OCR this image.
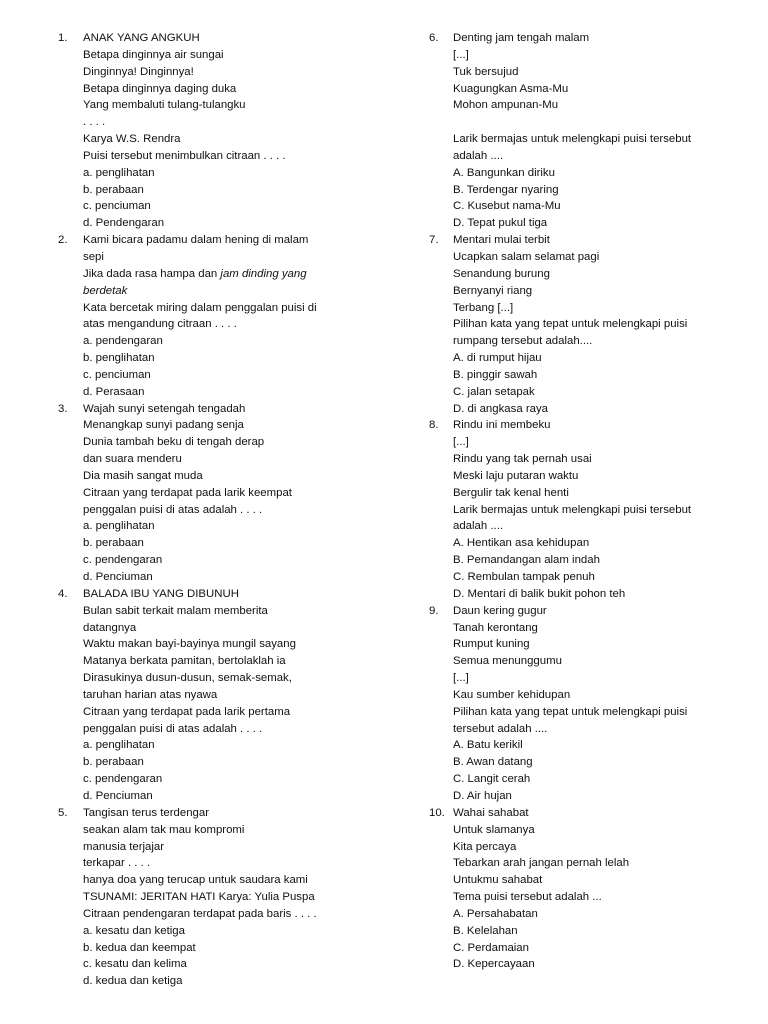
1. ANAK YANG ANGKUH
Betapa dinginnya air sungai
Dinginnya! Dinginnya!
Betapa dinginnya daging duka
Yang membaluti tulang-tulangku
. . . .
Karya W.S. Rendra
Puisi tersebut menimbulkan citraan . . . .
a. penglihatan
b. perabaan
c. penciuman
d. Pendengaran
2. Kami bicara padamu dalam hening di malam
sepi
Jika dada rasa hampa dan jam dinding yang
berdetak
Kata bercetak miring dalam penggalan puisi di
atas mengandung citraan . . . .
a. pendengaran
b. penglihatan
c. penciuman
d. Perasaan
3. Wajah sunyi setengah tengadah
Menangkap sunyi padang senja
Dunia tambah beku di tengah derap
dan suara menderu
Dia masih sangat muda
Citraan yang terdapat pada larik keempat
penggalan puisi di atas adalah . . . .
a. penglihatan
b. perabaan
c. pendengaran
d. Penciuman
4. BALADA IBU YANG DIBUNUH
Bulan sabit terkait malam memberita
datangnya
Waktu makan bayi-bayinya mungil sayang
Matanya berkata pamitan, bertolaklah ia
Dirasukinya dusun-dusun, semak-semak,
taruhan harian atas nyawa
Citraan yang terdapat pada larik pertama
penggalan puisi di atas adalah . . . .
a. penglihatan
b. perabaan
c. pendengaran
d. Penciuman
5. Tangisan terus terdengar
seakan alam tak mau kompromi
manusia terjajar
terkapar . . . .
hanya doa yang terucap untuk saudara kami
TSUNAMI: JERITAN HATI Karya: Yulia Puspa
Citraan pendengaran terdapat pada baris . . . .
a. kesatu dan ketiga
b. kedua dan keempat
c. kesatu dan kelima
d. kedua dan ketiga
6. Denting jam tengah malam
[...]
Tuk bersujud
Kuagungkan Asma-Mu
Mohon ampunan-Mu
Larik bermajas untuk melengkapi puisi tersebut
adalah ....
A. Bangunkan diriku
B. Terdengar nyaring
C. Kusebut nama-Mu
D. Tepat pukul tiga
7. Mentari mulai terbit
Ucapkan salam selamat pagi
Senandung burung
Bernyanyi riang
Terbang [...]
Pilihan kata yang tepat untuk melengkapi puisi
rumpang tersebut adalah....
A. di rumput hijau
B. pinggir sawah
C. jalan setapak
D. di angkasa raya
8. Rindu ini membeku
[...]
Rindu yang tak pernah usai
Meski laju putaran waktu
Bergulir tak kenal henti
Larik bermajas untuk melengkapi puisi tersebut
adalah ....
A. Hentikan asa kehidupan
B. Pemandangan alam indah
C. Rembulan tampak penuh
D. Mentari di balik bukit pohon teh
9. Daun kering gugur
Tanah kerontang
Rumput kuning
Semua menunggumu
[...]
Kau sumber kehidupan
Pilihan kata yang tepat untuk melengkapi puisi
tersebut adalah ....
A. Batu kerikil
B. Awan datang
C. Langit cerah
D. Air hujan
10. Wahai sahabat
Untuk slamanya
Kita percaya
Tebarkan arah jangan pernah lelah
Untukmu sahabat
Tema puisi tersebut adalah ...
A. Persahabatan
B. Kelelahan
C. Perdamaian
D. Kepercayaan
